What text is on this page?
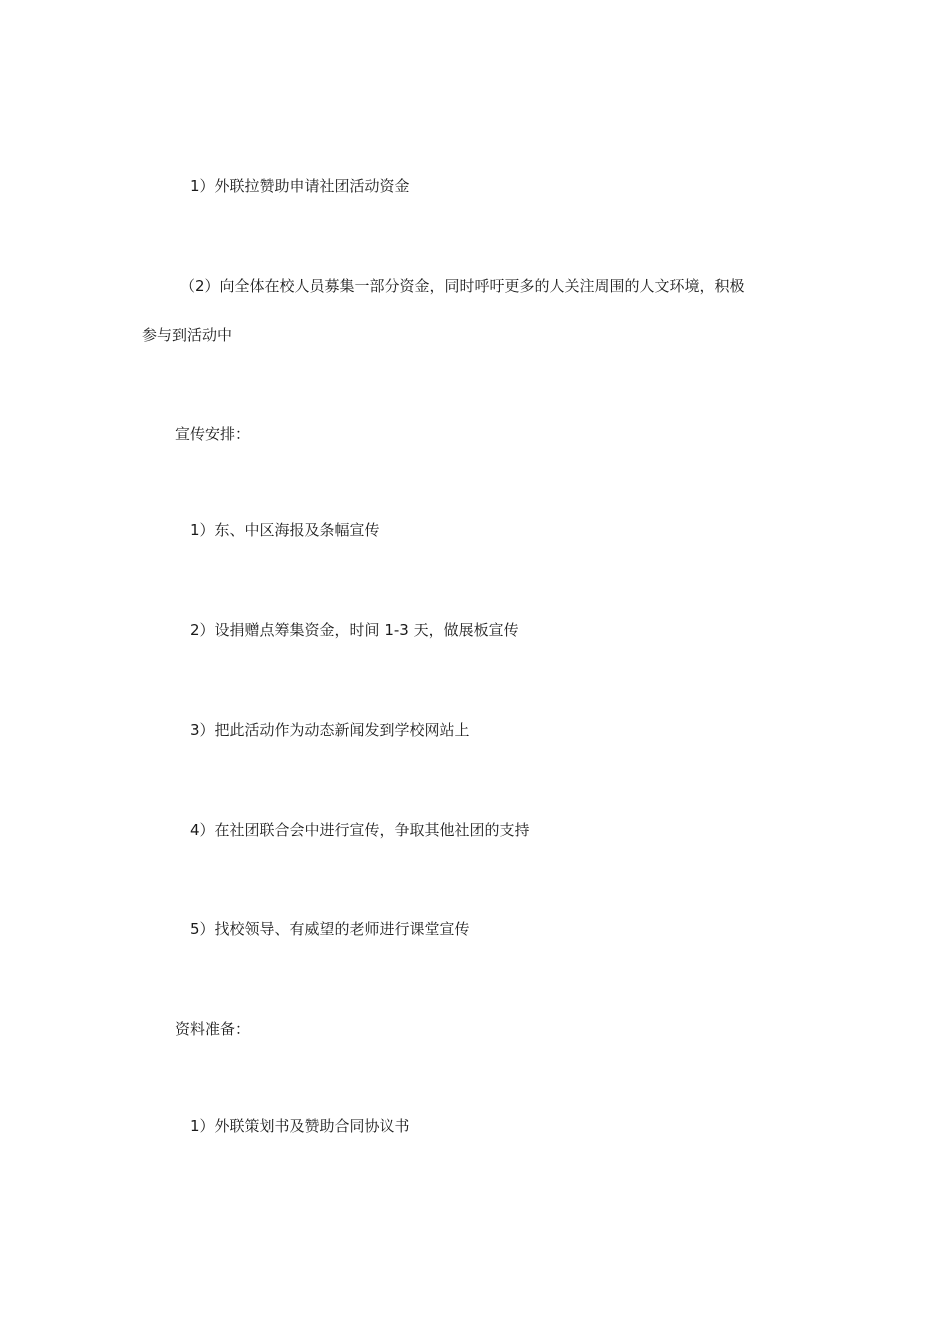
1）外联拉赞助申请社团活动资金
（2）向全体在校人员募集一部分资金，同时呼吁更多的人关注周围的人文环境，积极
参与到活动中
宣传安排：
1）东、中区海报及条幅宣传
2）设捐赠点筹集资金，时间 1-3 天，做展板宣传
3）把此活动作为动态新闻发到学校网站上
4）在社团联合会中进行宣传，争取其他社团的支持
5）找校领导、有威望的老师进行课堂宣传
资料准备：
1）外联策划书及赞助合同协议书
